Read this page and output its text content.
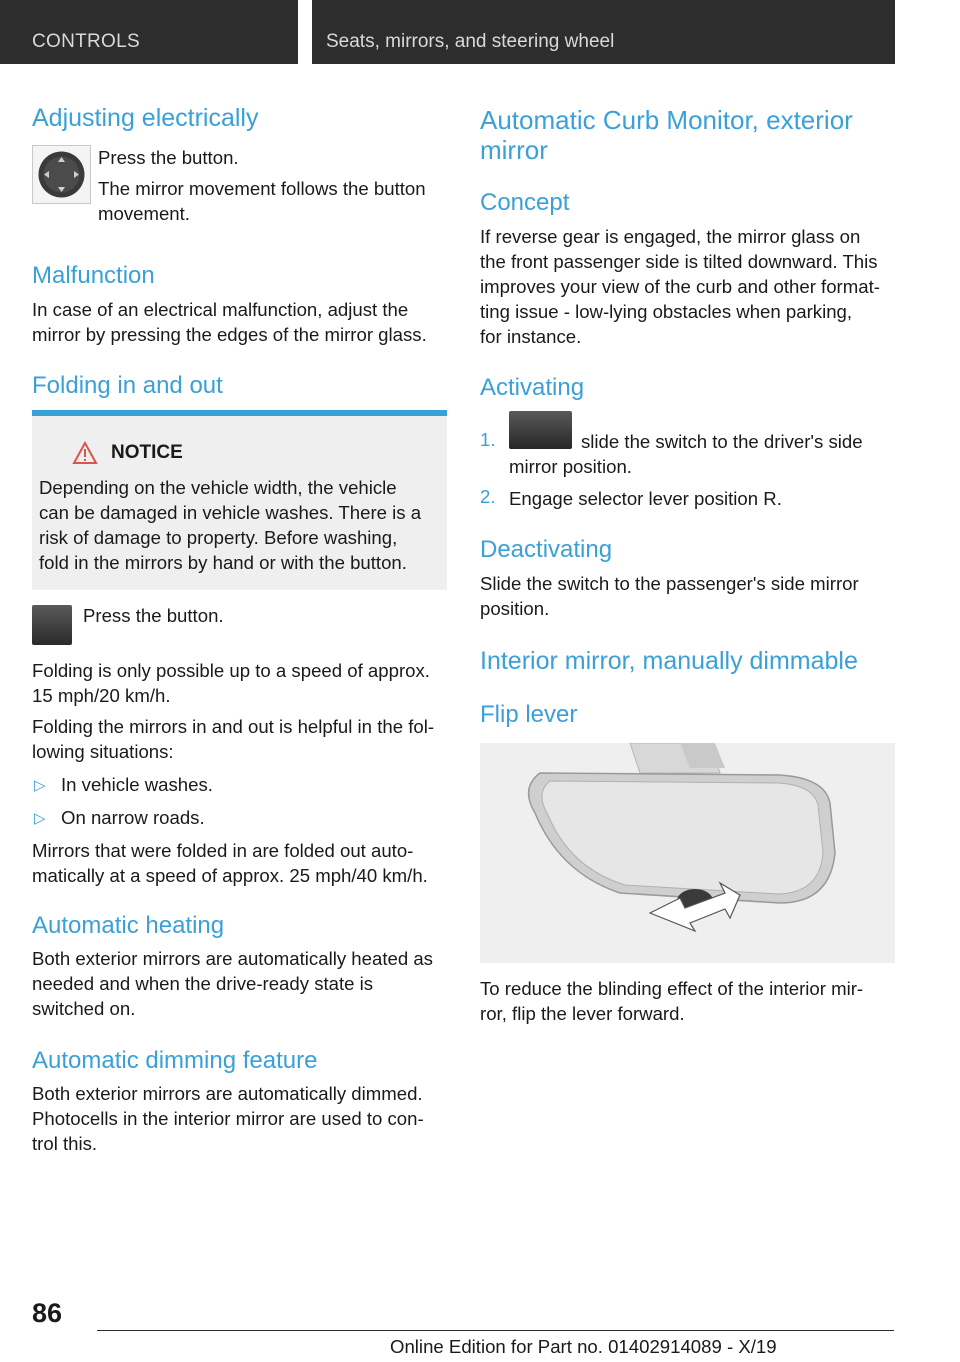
CONTROLS	Seats, mirrors, and steering wheel
Adjusting electrically
Press the button.
The mirror movement follows the button
movement.
Malfunction
In case of an electrical malfunction, adjust the
mirror by pressing the edges of the mirror glass.
Folding in and out
NOTICE
Depending on the vehicle width, the vehicle
can be damaged in vehicle washes. There is a
risk of damage to property. Before washing,
fold in the mirrors by hand or with the button.
Press the button.
Folding is only possible up to a speed of approx.
15 mph/20 km/h.
Folding the mirrors in and out is helpful in the fol-
lowing situations:
▷ In vehicle washes.
▷ On narrow roads.
Mirrors that were folded in are folded out auto-
matically at a speed of approx. 25 mph/40 km/h.
Automatic heating
Both exterior mirrors are automatically heated as
needed and when the drive-ready state is
switched on.
Automatic dimming feature
Both exterior mirrors are automatically dimmed.
Photocells in the interior mirror are used to con-
trol this.
Automatic Curb Monitor, exterior
mirror
Concept
If reverse gear is engaged, the mirror glass on
the front passenger side is tilted downward. This
improves your view of the curb and other format-
ting issue - low-lying obstacles when parking,
for instance.
Activating
1.	slide the switch to the driver's side
mirror position.
2. Engage selector lever position R.
Deactivating
Slide the switch to the passenger's side mirror
position.
Interior mirror, manually dimmable
Flip lever
To reduce the blinding effect of the interior mir-
ror, flip the lever forward.
86
Online Edition for Part no. 01402914089 - X/19
